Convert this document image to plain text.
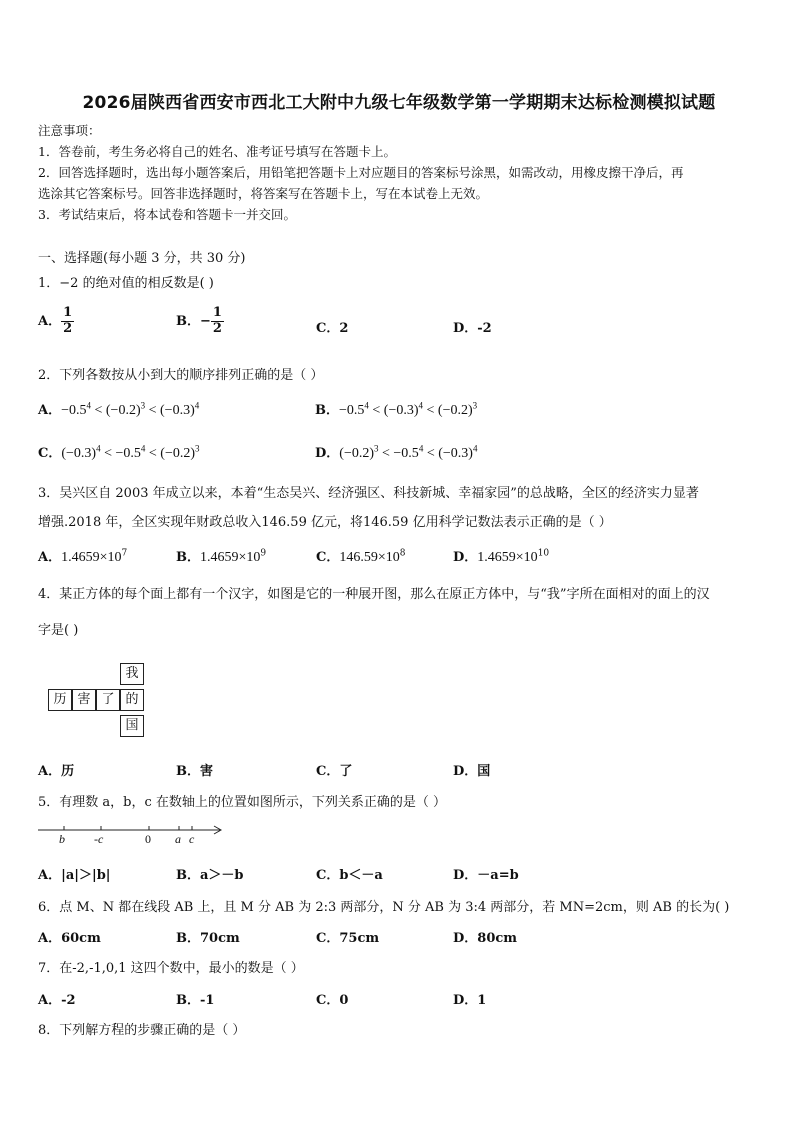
2026届陕西省西安市西北工大附中九级七年级数学第一学期期末达标检测模拟试题
注意事项：
1．答卷前，考生务必将自己的姓名、准考证号填写在答题卡上。
2．回答选择题时，选出每小题答案后，用铅笔把答题卡上对应题目的答案标号涂黑，如需改动，用橡皮擦干净后，再
选涂其它答案标号。回答非选择题时，将答案写在答题卡上，写在本试卷上无效。
3．考试结束后，将本试卷和答题卡一并交回。
一、选择题(每小题 3 分，共 30 分)
1．−2 的绝对值的相反数是( )
A． $\frac{1}{2}$	B．− $\frac{1}{2}$	C．2	D．-2
2．下列各数按从小到大的顺序排列正确的是（ ）
A．$-0.5^4 < (-0.2)^3 < (-0.3)^4$	B．$-0.5^4 < (-0.3)^4 < (-0.2)^3$
C．$(-0.3)^4 < -0.5^4 < (-0.2)^3$	D．$(-0.2)^3 < -0.5^4 < (-0.3)^4$
3．吴兴区自 2003 年成立以来，本着“生态吴兴、经济强区、科技新城、幸福家园”的总战略，全区的经济实力显著
增强.2018 年，全区实现年财政总收入146.59 亿元，将146.59 亿用科学记数法表示正确的是（ ）
A．$1.4659\times 10^7$	B．$1.4659\times 10^9$	C．$146.59\times 10^8$	D．$1.4659\times 10^{10}$
4．某正方体的每个面上都有一个汉字，如图是它的一种展开图，那么在原正方体中，与“我”字所在面相对的面上的汉
字是( )
我
历 害 了 的
国
A．历	B．害	C．了	D．国
5．有理数 a，b，c 在数轴上的位置如图所示，下列关系正确的是（ ）
b -c	0 a c
A．|a|＞|b|	B．a＞－b	C．b＜－a	D．－a=b
6．点 M、N 都在线段 AB 上，且 M 分 AB 为 2:3 两部分，N 分 AB 为 3:4 两部分，若 MN=2cm，则 AB 的长为( )
A．60cm	B．70cm	C．75cm	D．80cm
7．在-2,-1,0,1 这四个数中，最小的数是（ ）
A．-2	B．-1	C．0	D．1
8．下列解方程的步骤正确的是（ ）
